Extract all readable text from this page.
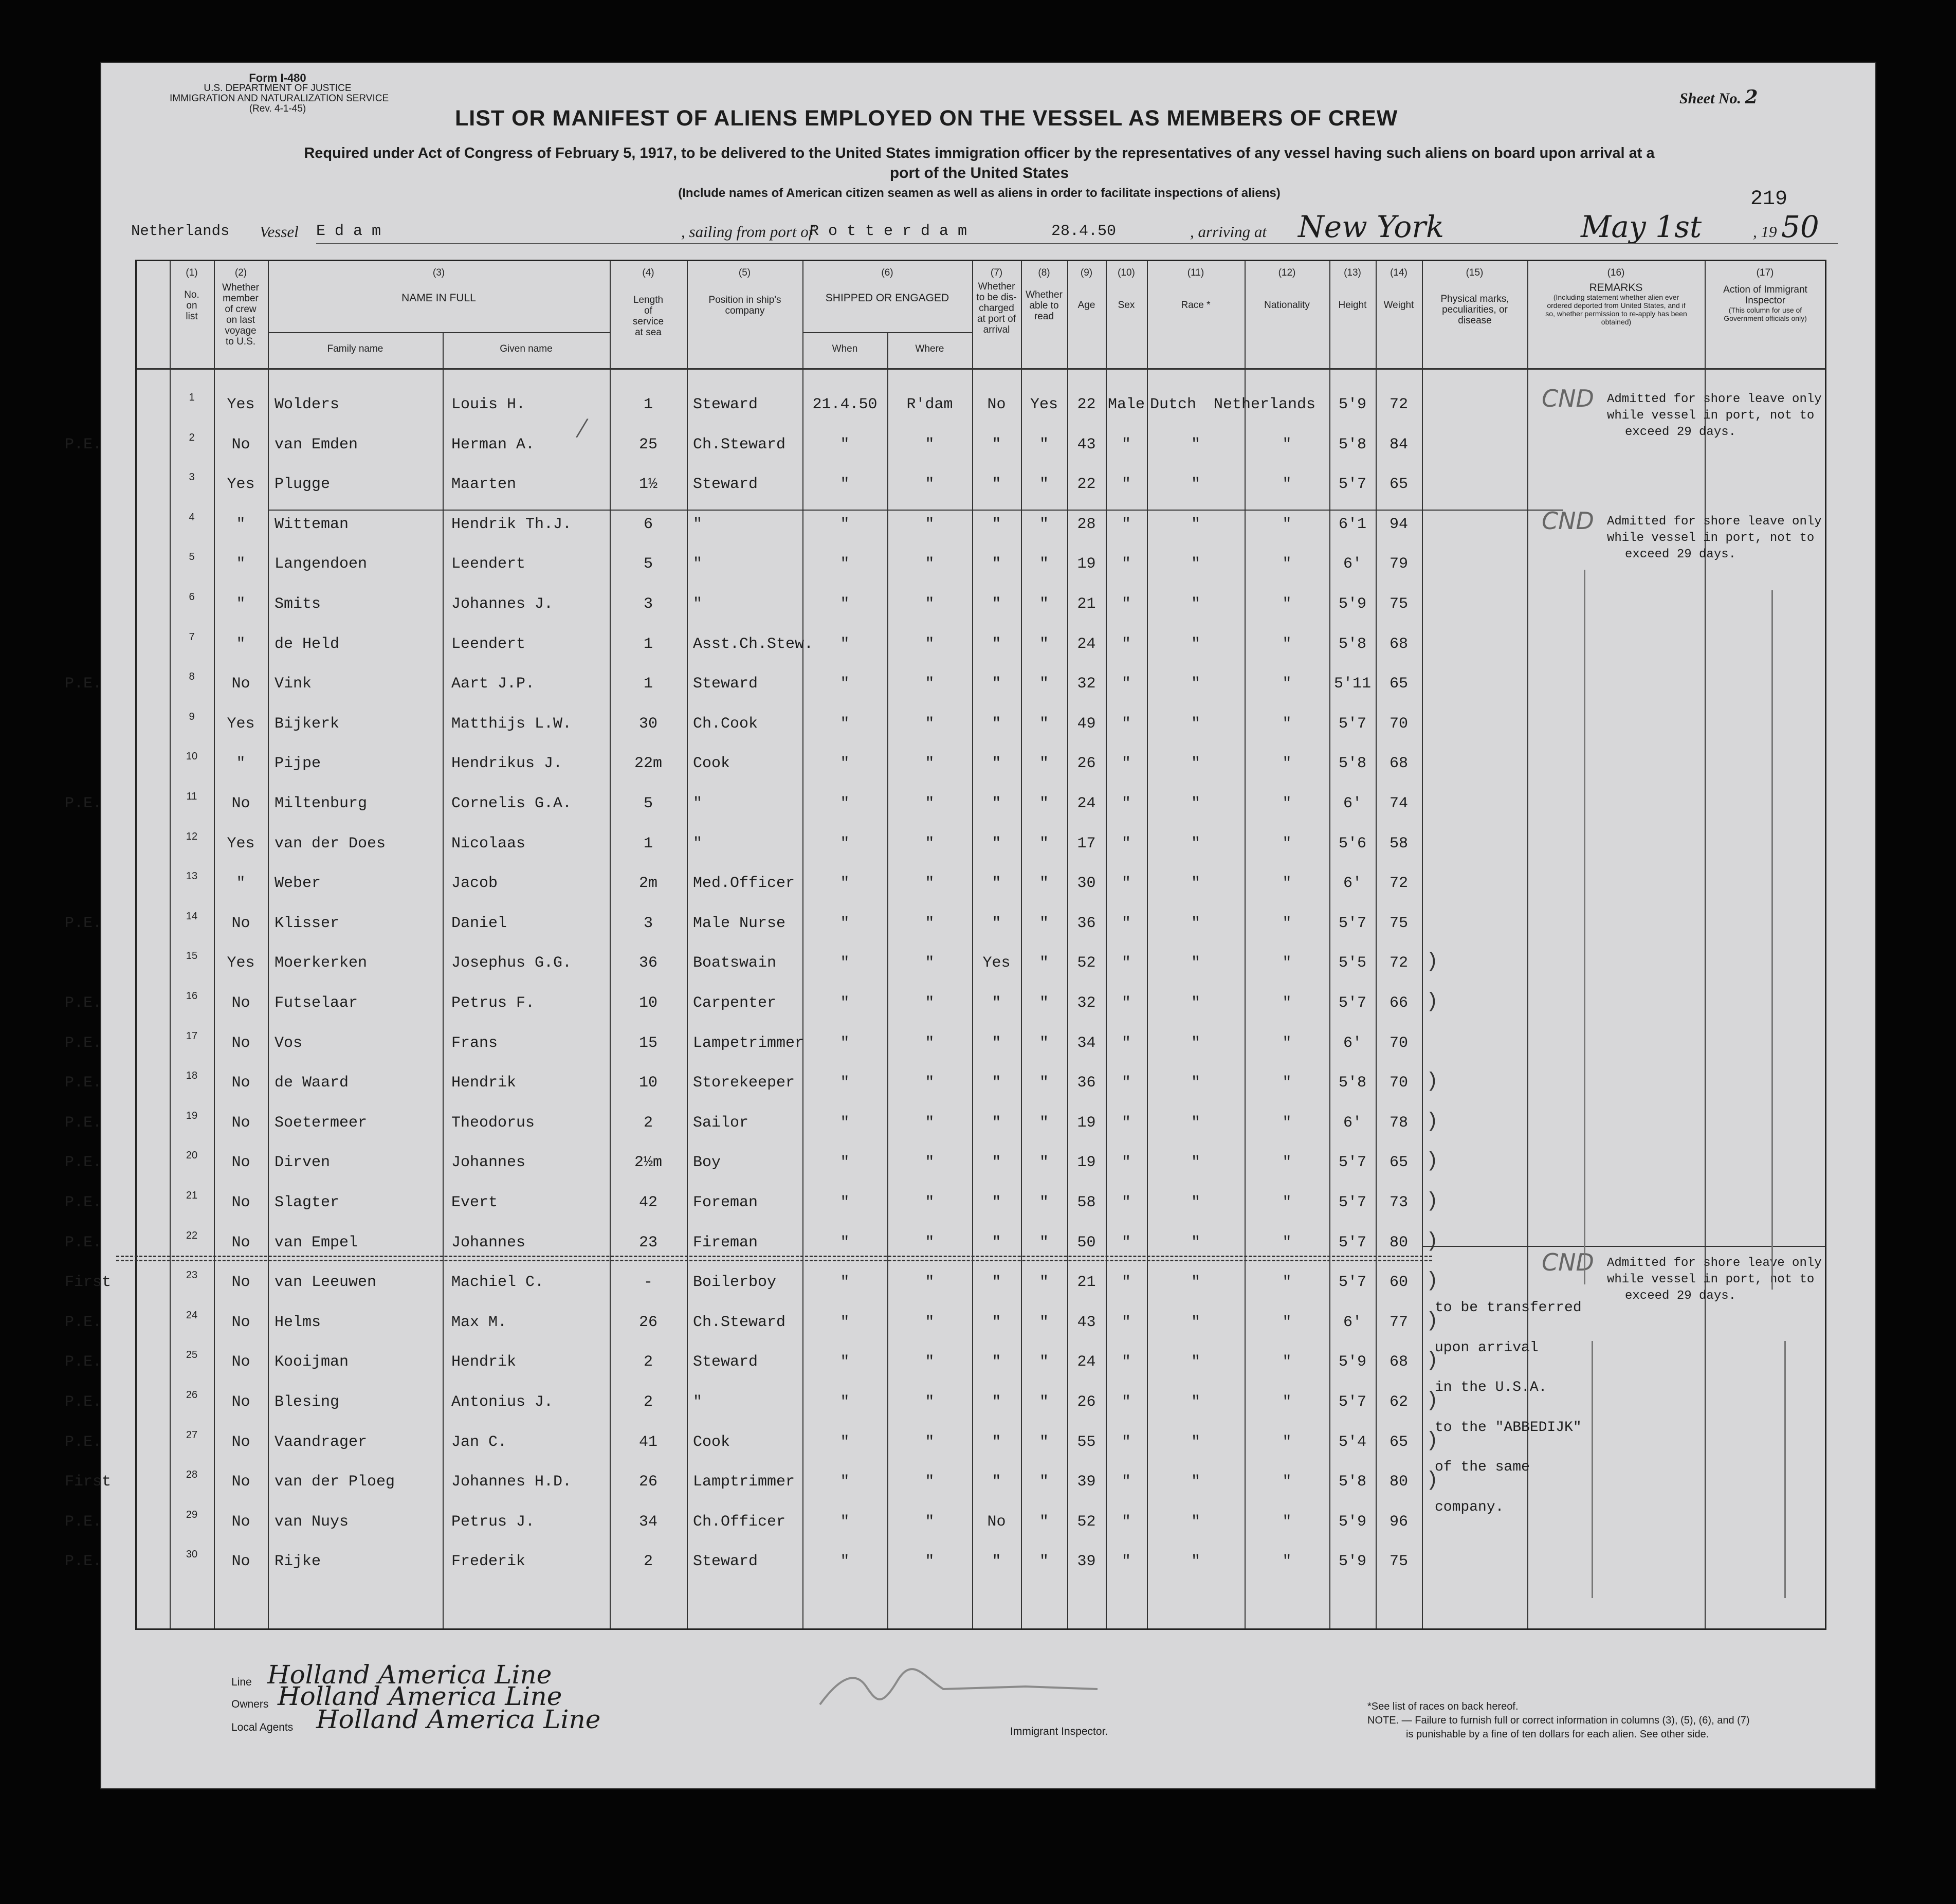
Form I-480
U.S. DEPARTMENT OF JUSTICE
IMMIGRATION AND NATURALIZATION SERVICE
(Rev. 4-1-45)
Sheet No. 2
LIST OR MANIFEST OF ALIENS EMPLOYED ON THE VESSEL AS MEMBERS OF CREW
Required under Act of Congress of February 5, 1917, to be delivered to the United States immigration officer by the representatives of any vessel having such aliens on board upon arrival at a
port of the United States
(Include names of American citizen seamen as well as aliens in order to facilitate inspections of aliens)	219
Netherlands Vessel E d a m	, sailing from port of
R o t t e r d a m	28.4.50	, arriving at New York	May 1st	, 19 50
(1)
No. on list
(2)
Whether member of crew on last voyage to U.S.
(3)
NAME IN FULL
Family name	Given name
(4)
Length of service at sea
(5)
Position in ship's company
(6)
SHIPPED OR ENGAGED
When	Where
(7)
Whether to be dis-charged at port of arrival
(8)
Whether able to read
(9)
Age
(10)
Sex
(11)
Race *
(12)
Nationality
(13)
Height
(14)
Weight
(15)
Physical marks, peculiarities, or disease
(16)
REMARKS
(Including statement whether alien ever ordered deported from United States, and if so, whether permission to re-apply has been obtained)
(17)
Action of Immigrant Inspector
(This column for use of Government officials only)
1	Yes	Wolders	Louis H.	1	Steward	21.4.50	R'dam	No	Yes	22 Male Dutch	Netherlands	5'9	72
P.E.	2	No	van Emden	Herman A.	25	Ch.Steward	"	"	"	"	43	"	"	"	5'8	84
3	Yes	Plugge	Maarten	1½	Steward	"	"	"	"	22	"	"	"	5'7	65
4	"	Witteman	Hendrik Th.J.	6	"	"	"	"	"	28	"	"	"	6'1	94
5	"	Langendoen	Leendert	5	"	"	"	"	"	19	"	"	"	6'	79
6	"	Smits	Johannes J.	3	"	"	"	"	"	21	"	"	"	5'9	75
7	"	de Held	Leendert	1	Asst.Ch.Stew.	"	"	"	"	24	"	"	"	5'8	68
P.E.	8	No	Vink	Aart J.P.	1	Steward	"	"	"	"	32	"	"	"	5'11	65
9	Yes	Bijkerk	Matthijs L.W.	30	Ch.Cook	"	"	"	"	49	"	"	"	5'7	70
10	"	Pijpe	Hendrikus J.	22m	Cook	"	"	"	"	26	"	"	"	5'8	68
P.E.	11	No	Miltenburg	Cornelis G.A.	5	"	"	"	"	"	24	"	"	"	6'	74
12	Yes	van der Does	Nicolaas	1	"	"	"	"	"	17	"	"	"	5'6	58
13	"	Weber	Jacob	2m	Med.Officer	"	"	"	"	30	"	"	"	6'	72
P.E.	14	No	Klisser	Daniel	3	Male Nurse	"	"	"	"	36	"	"	"	5'7	75
15	Yes	Moerkerken	Josephus G.G.	36	Boatswain	"	"	Yes	"	52	"	"	"	5'5	72
P.E.	16	No	Futselaar	Petrus F.	10	Carpenter	"	"	"	"	32	"	"	"	5'7	66
P.E.	17	No	Vos	Frans	15	Lampetrimmer	"	"	"	"	34	"	"	"	6'	70
P.E.	18	No	de Waard	Hendrik	10	Storekeeper	"	"	"	"	36	"	"	"	5'8	70
P.E.	19	No	Soetermeer	Theodorus	2	Sailor	"	"	"	"	19	"	"	"	6'	78
P.E.	20	No	Dirven	Johannes	2½m	Boy	"	"	"	"	19	"	"	"	5'7	65
P.E.	21	No	Slagter	Evert	42	Foreman	"	"	"	"	58	"	"	"	5'7	73
P.E.	22	No	van Empel	Johannes	23	Fireman	"	"	"	"	50	"	"	"	5'7	80
First	23	No	van Leeuwen	Machiel C.	-	Boilerboy	"	"	"	"	21	"	"	"	5'7	60
P.E.	24	No	Helms	Max M.	26	Ch.Steward	"	"	"	"	43	"	"	"	6'	77
P.E.	25	No	Kooijman	Hendrik	2	Steward	"	"	"	"	24	"	"	"	5'9	68
P.E.	26	No	Blesing	Antonius J.	2	"	"	"	"	"	26	"	"	"	5'7	62
P.E.	27	No	Vaandrager	Jan C.	41	Cook	"	"	"	"	55	"	"	"	5'4	65
First	28	No	van der Ploeg	Johannes H.D.	26	Lamptrimmer	"	"	"	"	39	"	"	"	5'8	80
P.E.	29	No	van Nuys	Petrus J.	34	Ch.Officer	"	"	No	"	52	"	"	"	5'9	96
P.E.	30	No	Rijke	Frederik	2	Steward	"	"	"	"	39	"	"	"	5'9	75
/
)
)
)
)
)
)
)
)
)
)
)
)
)
CND Admitted for shore leave only
while vessel in port, not to
exceed 29 days.
CND Admitted for shore leave only
while vessel in port, not to
exceed 29 days.
CND Admitted for shore leave only
while vessel in port, not to
exceed 29 days.
to be transferred
upon arrival
in the U.S.A.
to the "ABBEDIJK"
of the same
company.
Line Holland America Line
Owners Holland America Line
Local Agents Holland America Line	Immigrant Inspector.
*See list of races on back hereof.
NOTE. — Failure to furnish full or correct information in columns (3), (5), (6), and (7)
is punishable by a fine of ten dollars for each alien. See other side.
